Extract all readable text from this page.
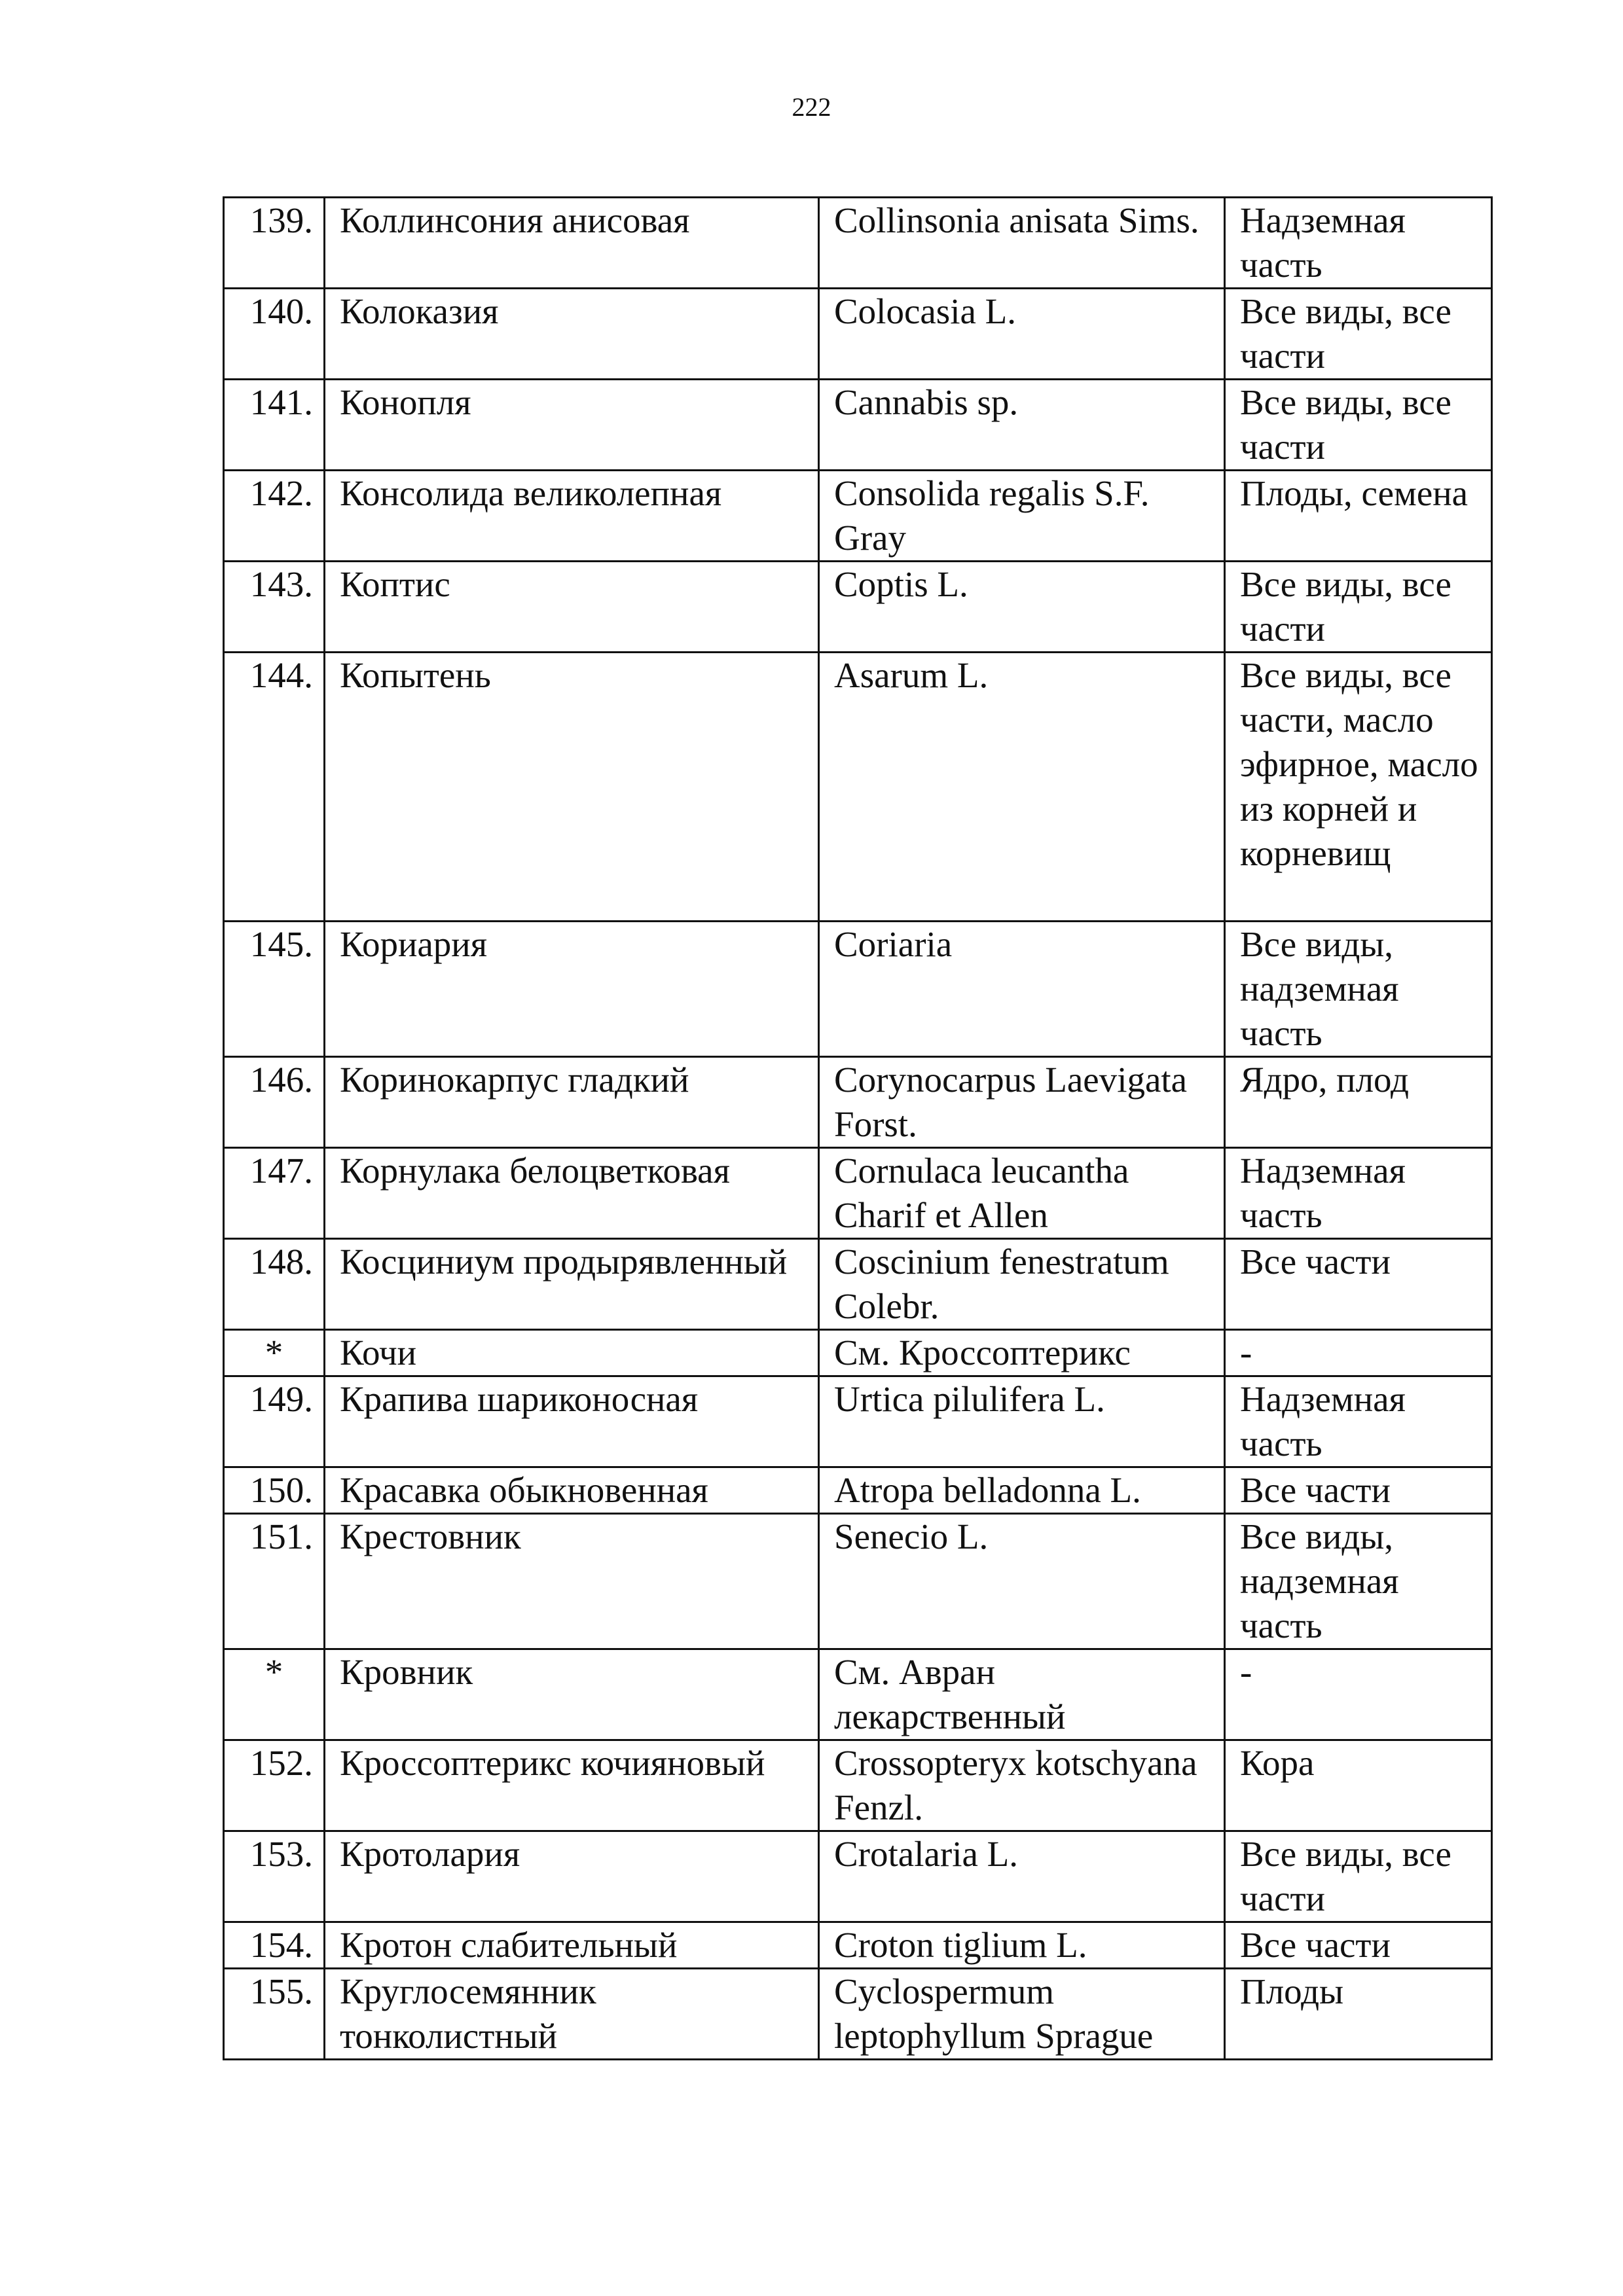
222
139.	Коллинсония анисовая	Collinsonia anisata Sims.	Надземная часть
140.	Колоказия	Colocasia L.	Все виды, все части
141.	Конопля	Cannabis sp.	Все виды, все части
142.	Консолида великолепная	Consolida regalis S.F. Gray	Плоды, семена
143.	Коптис	Coptis L.	Все виды, все части
144.	Копытень	Asarum L.	Все виды, все части, масло эфирное, масло из корней и корневищ
145.	Кориария	Coriaria	Все виды, надземная часть
146.	Коринокарпус гладкий	Corynocarpus Laevigata Forst.	Ядро, плод
147.	Корнулака белоцветковая	Cornulaca leucantha Charif et Allen	Надземная часть
148.	Косциниум продырявленный	Coscinium fenestratum Colebr.	Все части
*	Кочи	См. Кроссоптерикс	-
149.	Крапива шариконосная	Urtica pilulifera L.	Надземная часть
150.	Красавка обыкновенная	Atropa belladonna L.	Все части
151.	Крестовник	Senecio L.	Все виды, надземная часть
*	Кровник	См. Авран лекарственный	-
152.	Кроссоптерикс кочияновый	Crossopteryx kotschyana Fenzl.	Кора
153.	Кротолария	Crotalaria L.	Все виды, все части
154.	Кротон слабительный	Croton tiglium L.	Все части
155.	Круглосемянник тонколистный	Cyclospermum leptophyllum Sprague	Плоды
